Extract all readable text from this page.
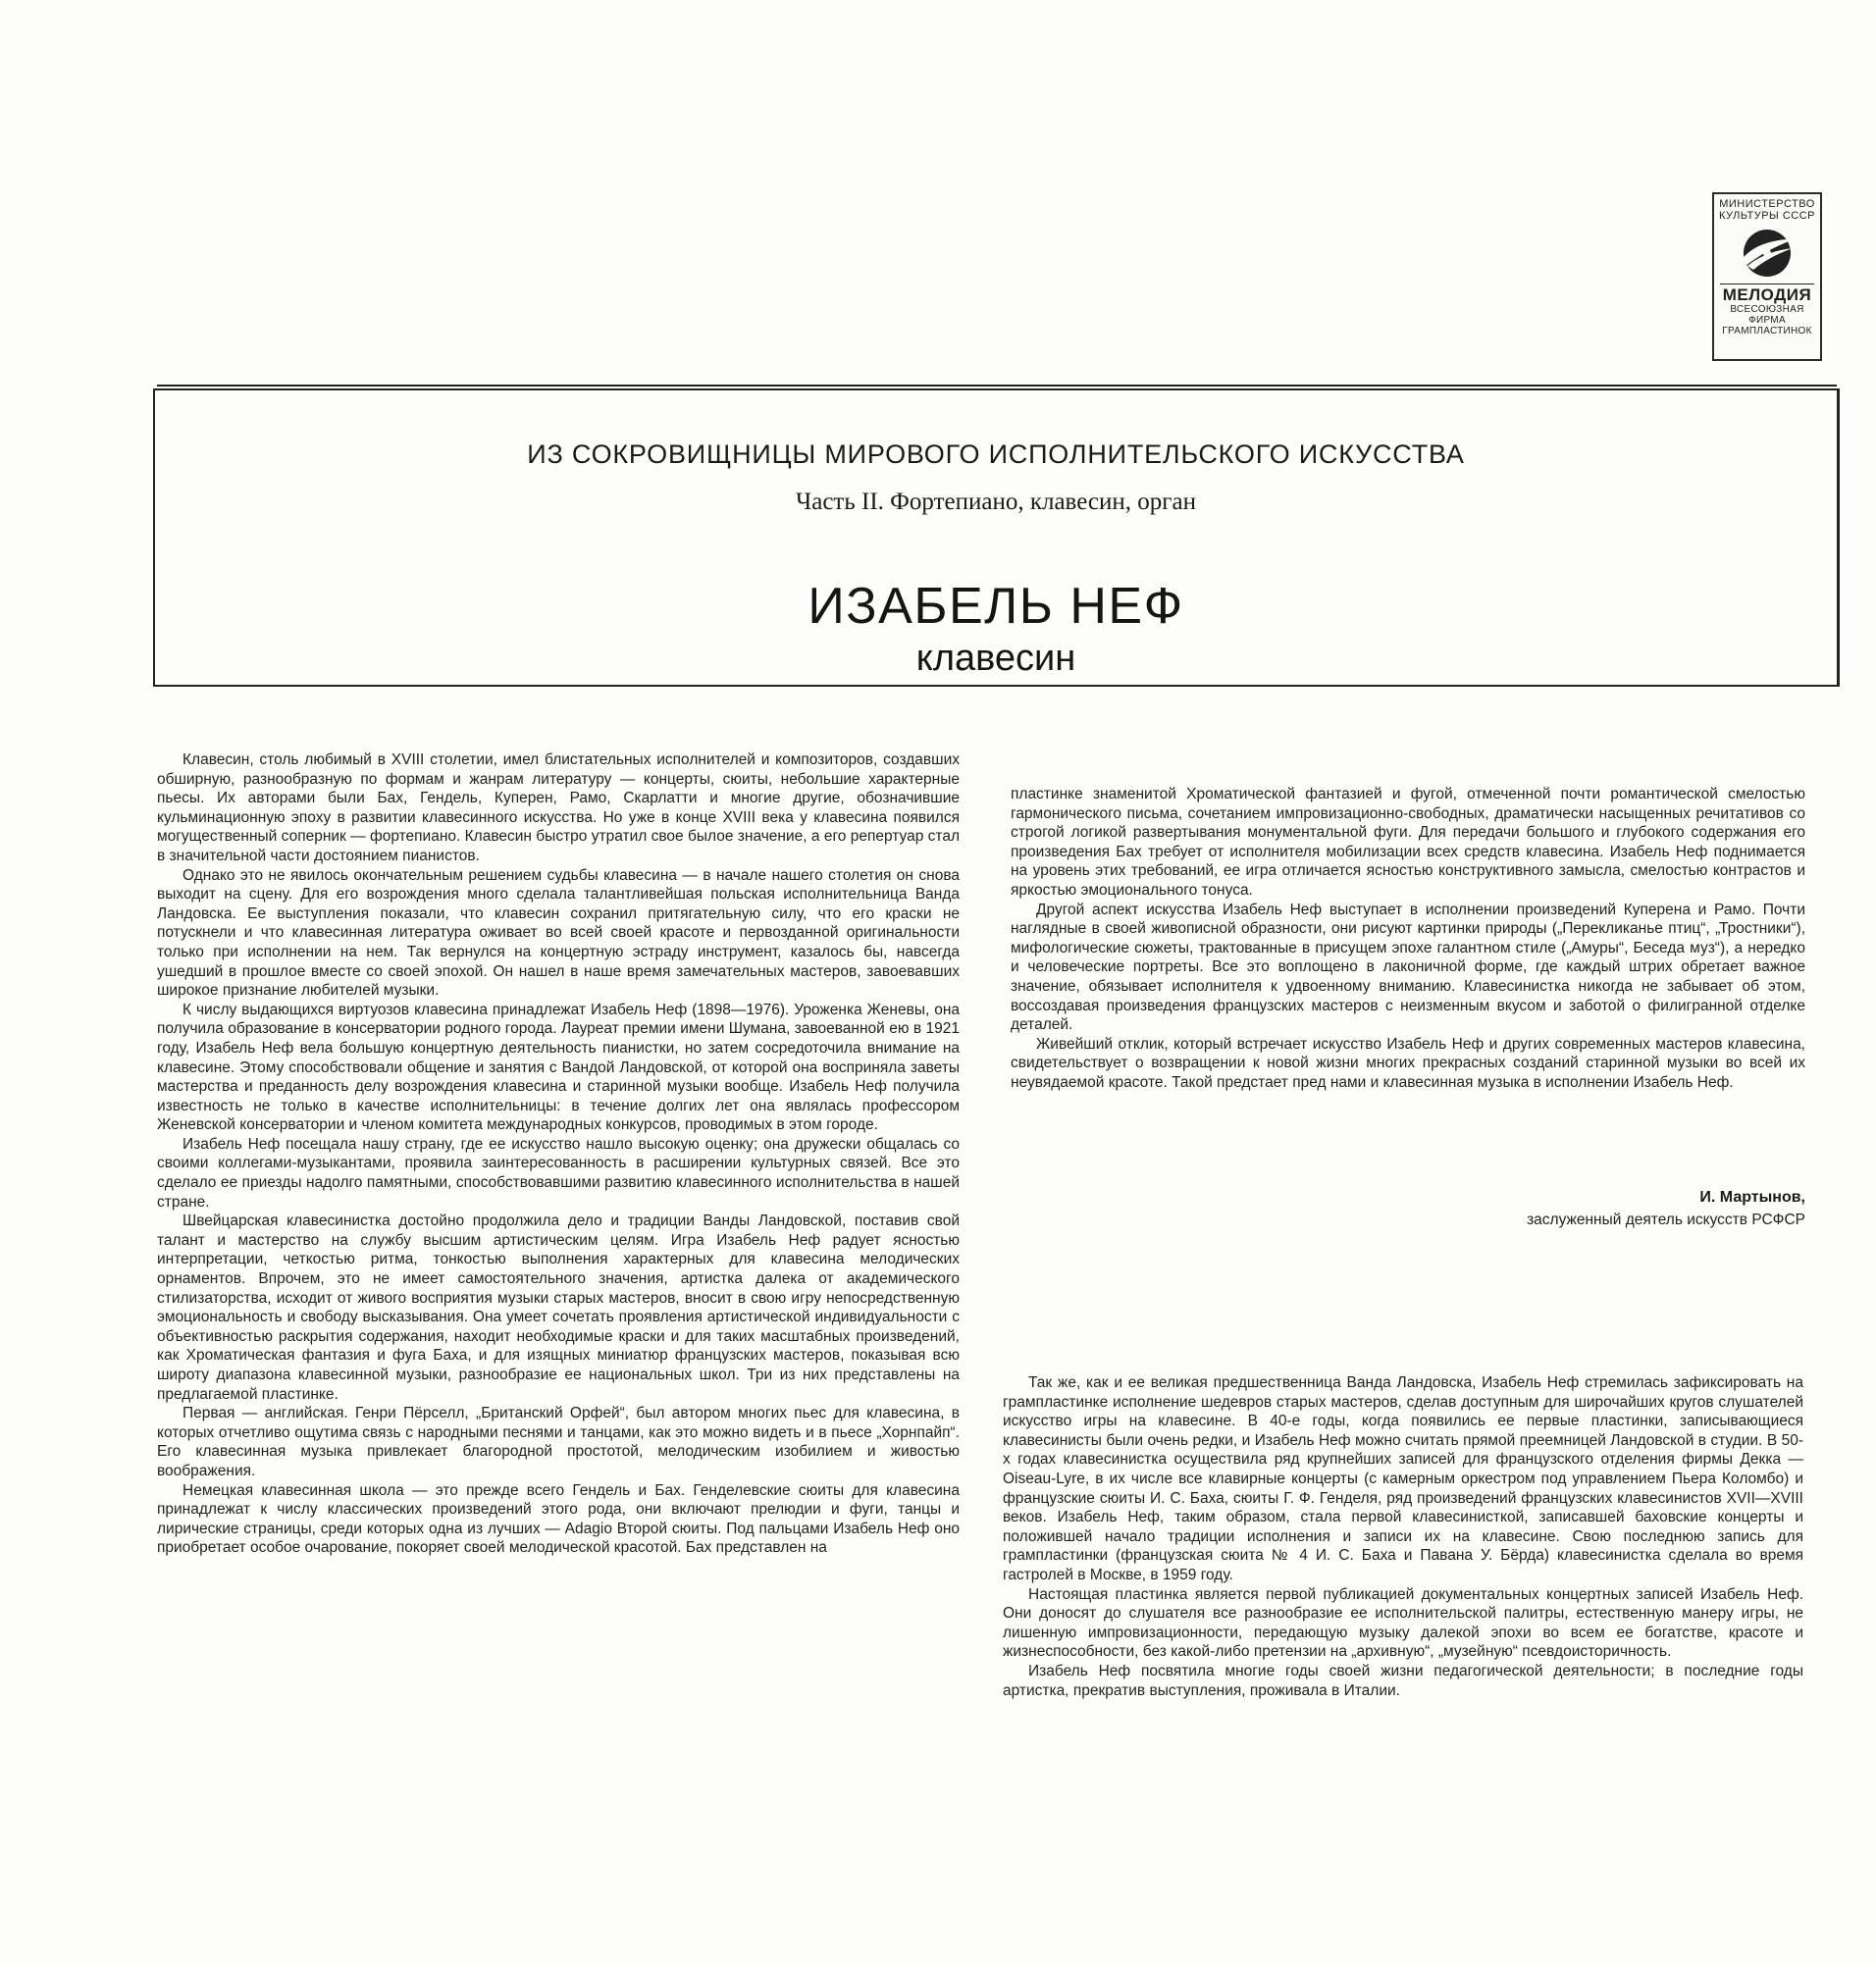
МИНИСТЕРСТВО КУЛЬТУРЫ СССР
МЕЛОДИЯ
ВСЕСОЮЗНАЯ ФИРМА ГРАМПЛАСТИНОК
ИЗ СОКРОВИЩНИЦЫ МИРОВОГО ИСПОЛНИТЕЛЬСКОГО ИСКУССТВА
Часть II. Фортепиано, клавесин, орган
ИЗАБЕЛЬ НЕФ
клавесин

Клавесин, столь любимый в XVIII столетии, имел блистательных исполнителей и композиторов, создавших обширную, разнообразную по формам и жанрам литературу — концерты, сюиты, небольшие характерные пьесы. Их авторами были Бах, Гендель, Куперен, Рамо, Скарлатти и многие другие, обозначившие кульминационную эпоху в развитии клавесинного искусства. Но уже в конце XVIII века у клавесина появился могущественный соперник — фортепиано. Клавесин быстро утратил свое былое значение, а его репертуар стал в значительной части достоянием пианистов.

Однако это не явилось окончательным решением судьбы клавесина — в начале нашего столетия он снова выходит на сцену. Для его возрождения много сделала талантливейшая польская исполнительница Ванда Ландовска. Ее выступления показали, что клавесин сохранил притягательную силу, что его краски не потускнели и что клавесинная литература оживает во всей своей красоте и первозданной оригинальности только при исполнении на нем. Так вернулся на концертную эстраду инструмент, казалось бы, навсегда ушедший в прошлое вместе со своей эпохой. Он нашел в наше время замечательных мастеров, завоевавших широкое признание любителей музыки.

К числу выдающихся виртуозов клавесина принадлежат Изабель Неф (1898—1976). Уроженка Женевы, она получила образование в консерватории родного города. Лауреат премии имени Шумана, завоеванной ею в 1921 году, Изабель Неф вела большую концертную деятельность пианистки, но затем сосредоточила внимание на клавесине. Этому способствовали общение и занятия с Вандой Ландовской, от которой она восприняла заветы мастерства и преданность делу возрождения клавесина и старинной музыки вообще. Изабель Неф получила известность не только в качестве исполнительницы: в течение долгих лет она являлась профессором Женевской консерватории и членом комитета международных конкурсов, проводимых в этом городе.

Изабель Неф посещала нашу страну, где ее искусство нашло высокую оценку; она дружески общалась со своими коллегами-музыкантами, проявила заинтересованность в расширении культурных связей. Все это сделало ее приезды надолго памятными, способствовавшими развитию клавесинного исполнительства в нашей стране.

Швейцарская клавесинистка достойно продолжила дело и традиции Ванды Ландовской, поставив свой талант и мастерство на службу высшим артистическим целям. Игра Изабель Неф радует ясностью интерпретации, четкостью ритма, тонкостью выполнения характерных для клавесина мелодических орнаментов. Впрочем, это не имеет самостоятельного значения, артистка далека от академического стилизаторства, исходит от живого восприятия музыки старых мастеров, вносит в свою игру непосредственную эмоциональность и свободу высказывания. Она умеет сочетать проявления артистической индивидуальности с объективностью раскрытия содержания, находит необходимые краски и для таких масштабных произведений, как Хроматическая фантазия и фуга Баха, и для изящных миниатюр французских мастеров, показывая всю широту диапазона клавесинной музыки, разнообразие ее национальных школ. Три из них представлены на предлагаемой пластинке.

Первая — английская. Генри Пёрселл, „Британский Орфей“, был автором многих пьес для клавесина, в которых отчетливо ощутима связь с народными песнями и танцами, как это можно видеть и в пьесе „Хорнпайп“. Его клавесинная музыка привлекает благородной простотой, мелодическим изобилием и живостью воображения.

Немецкая клавесинная школа — это прежде всего Гендель и Бах. Генделевские сюиты для клавесина принадлежат к числу классических произведений этого рода, они включают прелюдии и фуги, танцы и лирические страницы, среди которых одна из лучших — Adagio Второй сюиты. Под пальцами Изабель Неф оно приобретает особое очарование, покоряет своей мелодической красотой. Бах представлен на

пластинке знаменитой Хроматической фантазией и фугой, отмеченной почти романтической смелостью гармонического письма, сочетанием импровизационно-свободных, драматически насыщенных речитативов со строгой логикой развертывания монументальной фуги. Для передачи большого и глубокого содержания его произведения Бах требует от исполнителя мобилизации всех средств клавесина. Изабель Неф поднимается на уровень этих требований, ее игра отличается ясностью конструктивного замысла, смелостью контрастов и яркостью эмоционального тонуса.

Другой аспект искусства Изабель Неф выступает в исполнении произведений Куперена и Рамо. Почти наглядные в своей живописной образности, они рисуют картинки природы („Перекликанье птиц“, „Тростники“), мифологические сюжеты, трактованные в присущем эпохе галантном стиле („Амуры“, Беседа муз“), а нередко и человеческие портреты. Все это воплощено в лаконичной форме, где каждый штрих обретает важное значение, обязывает исполнителя к удвоенному вниманию. Клавесинистка никогда не забывает об этом, воссоздавая произведения французских мастеров с неизменным вкусом и заботой о филигранной отделке деталей.

Живейший отклик, который встречает искусство Изабель Неф и других современных мастеров клавесина, свидетельствует о возвращении к новой жизни многих прекрасных созданий старинной музыки во всей их неувядаемой красоте. Такой предстает пред нами и клавесинная музыка в исполнении Изабель Неф.

И. Мартынов,
заслуженный деятель искусств РСФСР

Так же, как и ее великая предшественница Ванда Ландовска, Изабель Неф стремилась зафиксировать на грампластинке исполнение шедевров старых мастеров, сделав доступным для широчайших кругов слушателей искусство игры на клавесине. В 40-е годы, когда появились ее первые пластинки, записывающиеся клавесинисты были очень редки, и Изабель Неф можно считать прямой преемницей Ландовской в студии. В 50-х годах клавесинистка осуществила ряд крупнейших записей для французского отделения фирмы Декка — Oiseau-Lyre, в их числе все клавирные концерты (с камерным оркестром под управлением Пьера Коломбо) и французские сюиты И. С. Баха, сюиты Г. Ф. Генделя, ряд произведений французских клавесинистов XVII—XVIII веков. Изабель Неф, таким образом, стала первой клавесинисткой, записавшей баховские концерты и положившей начало традиции исполнения и записи их на клавесине. Свою последнюю запись для грампластинки (французская сюита № 4 И. С. Баха и Павана У. Бёрда) клавесинистка сделала во время гастролей в Москве, в 1959 году.

Настоящая пластинка является первой публикацией документальных концертных записей Изабель Неф. Они доносят до слушателя все разнообразие ее исполнительской палитры, естественную манеру игры, не лишенную импровизационности, передающую музыку далекой эпохи во всем ее богатстве, красоте и жизнеспособности, без какой-либо претензии на „архивную“, „музейную“ псевдоисторичность.

Изабель Неф посвятила многие годы своей жизни педагогической деятельности; в последние годы артистка, прекратив выступления, проживала в Италии.
